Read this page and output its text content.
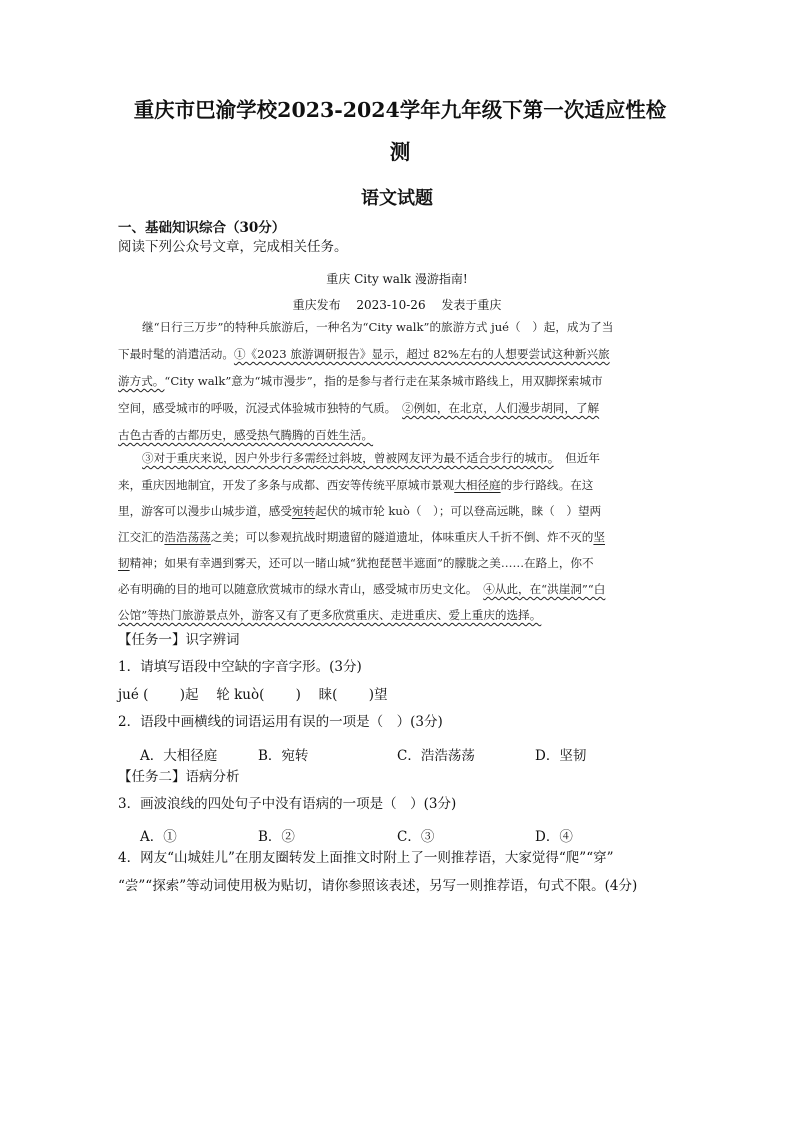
重庆市巴渝学校2023-2024学年九年级下第一次适应性检
测
语文试题
一、基础知识综合（30分）
阅读下列公众号文章，完成相关任务。
重庆 City walk 漫游指南!
重庆发布　 2023-10-26　 发表于重庆
继“日行三万步”的特种兵旅游后，一种名为“City walk”的旅游方式 jué（　）起，成为了当
下最时髦的消遣活动。①《2023 旅游调研报告》显示，超过 82%左右的人想要尝试这种新兴旅
游方式。“City walk”意为“城市漫步”，指的是参与者行走在某条城市路线上，用双脚探索城市
空间，感受城市的呼吸，沉浸式体验城市独特的气质。　②例如，在北京，人们漫步胡同，了解
古色古香的古都历史，感受热气腾腾的百姓生活。
③对于重庆来说，因户外步行多需经过斜坡，曾被网友评为最不适合步行的城市。　但近年
来，重庆因地制宜，开发了多条与成都、西安等传统平原城市景观大相径庭的步行路线。在这
里，游客可以漫步山城步道，感受宛转起伏的城市轮 kuò（　）；可以登高远眺，睐（　）望两
江交汇的浩浩荡荡之美；可以参观抗战时期遗留的隧道遗址，体味重庆人千折不倒、炸不灭的坚
韧精神；如果有幸遇到雾天，还可以一睹山城“犹抱琵琶半遮面”的朦胧之美……在路上，你不
必有明确的目的地可以随意欣赏城市的绿水青山，感受城市历史文化。　④从此，在“洪崖洞”“白
公馆”等热门旅游景点外，游客又有了更多欣赏重庆、走进重庆、爱上重庆的选择。
【任务一】识字辨词
1．请填写语段中空缺的字音字形。(3分)
jué (　　 )起　 轮 kuò(　　 )　 睐(　　 )望
2．语段中画横线的词语运用有误的一项是（　）(3分)
A．大相径庭	B．宛转	C．浩浩荡荡	D．坚韧
【任务二】语病分析
3．画波浪线的四处句子中没有语病的一项是（　）(3分)
A．①	B．②	C．③	D．④
4．网友“山城娃儿”在朋友圈转发上面推文时附上了一则推荐语，大家觉得“爬”“穿”
“尝”“探索”等动词使用极为贴切，请你参照该表述，另写一则推荐语，句式不限。(4分)
